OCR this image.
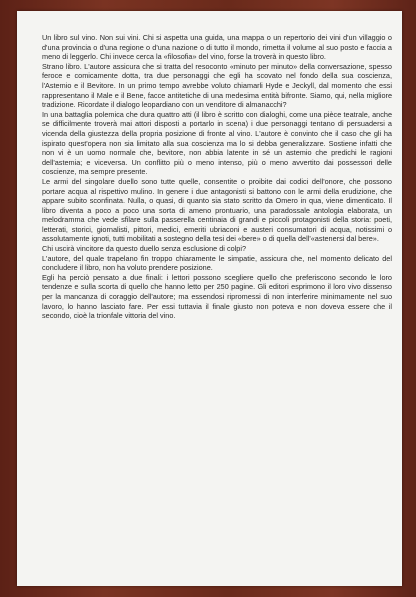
Un libro sul vino. Non sui vini. Chi si aspetta una guida, una mappa o un repertorio dei vini d'un villaggio o d'una provincia o d'una regione o d'una nazione o di tutto il mondo, rimetta il volume al suo posto e faccia a meno di leggerlo. Chi invece cerca la «filosofia» del vino, forse la troverà in questo libro.

Strano libro. L'autore assicura che si tratta del resoconto «minuto per minuto» della conversazione, spesso feroce e comicamente dotta, tra due personaggi che egli ha scovato nel fondo della sua coscienza, l'Astemio e il Bevitore. In un primo tempo avrebbe voluto chiamarli Hyde e Jeckyll, dal momento che essi rappresentano il Male e il Bene, facce antitetiche di una medesima entità bifronte. Siamo, qui, nella migliore tradizione. Ricordate il dialogo leopardiano con un venditore di almanacchi?

In una battaglia polemica che dura quattro atti (il libro è scritto con dialoghi, come una pièce teatrale, anche se difficilmente troverà mai attori disposti a portarlo in scena) i due personaggi tentano di persuadersi a vicenda della giustezza della propria posizione di fronte al vino. L'autore è convinto che il caso che gli ha ispirato quest'opera non sia limitato alla sua coscienza ma lo si debba generalizzare. Sostiene infatti che non vi è un uomo normale che, bevitore, non abbia latente in sé un astemio che predichi le ragioni dell'astemia; e viceversa. Un conflitto più o meno intenso, più o meno avvertito dai possessori delle coscienze, ma sempre presente.

Le armi del singolare duello sono tutte quelle, consentite o proibite dai codici dell'onore, che possono portare acqua al rispettivo mulino. In genere i due antagonisti si battono con le armi della erudizione, che appare subito sconfinata. Nulla, o quasi, di quanto sia stato scritto da Omero in qua, viene dimenticato. Il libro diventa a poco a poco una sorta di ameno prontuario, una paradossale antologia elaborata, un melodramma che vede sfilare sulla passerella centinaia di grandi e piccoli protagonisti della storia: poeti, letterati, storici, giornalisti, pittori, medici, emeriti ubriaconi e austeri consumatori di acqua, notissimi o assolutamente ignoti, tutti mobilitati a sostegno della tesi dei «bere» o di quella dell'«astenersi dal bere».

Chi uscirà vincitore da questo duello senza esclusione di colpi?

L'autore, del quale trapelano fin troppo chiaramente le simpatie, assicura che, nel momento delicato del concludere il libro, non ha voluto prendere posizione.

Egli ha perciò pensato a due finali: i lettori possono scegliere quello che preferiscono secondo le loro tendenze e sulla scorta di quello che hanno letto per 250 pagine. Gli editori esprimono il loro vivo dissenso per la mancanza di coraggio dell'autore; ma essendosi ripromessi di non interferire minimamente nel suo lavoro, lo hanno lasciato fare. Per essi tuttavia il finale giusto non poteva e non doveva essere che il secondo, cioè la trionfale vittoria del vino.
